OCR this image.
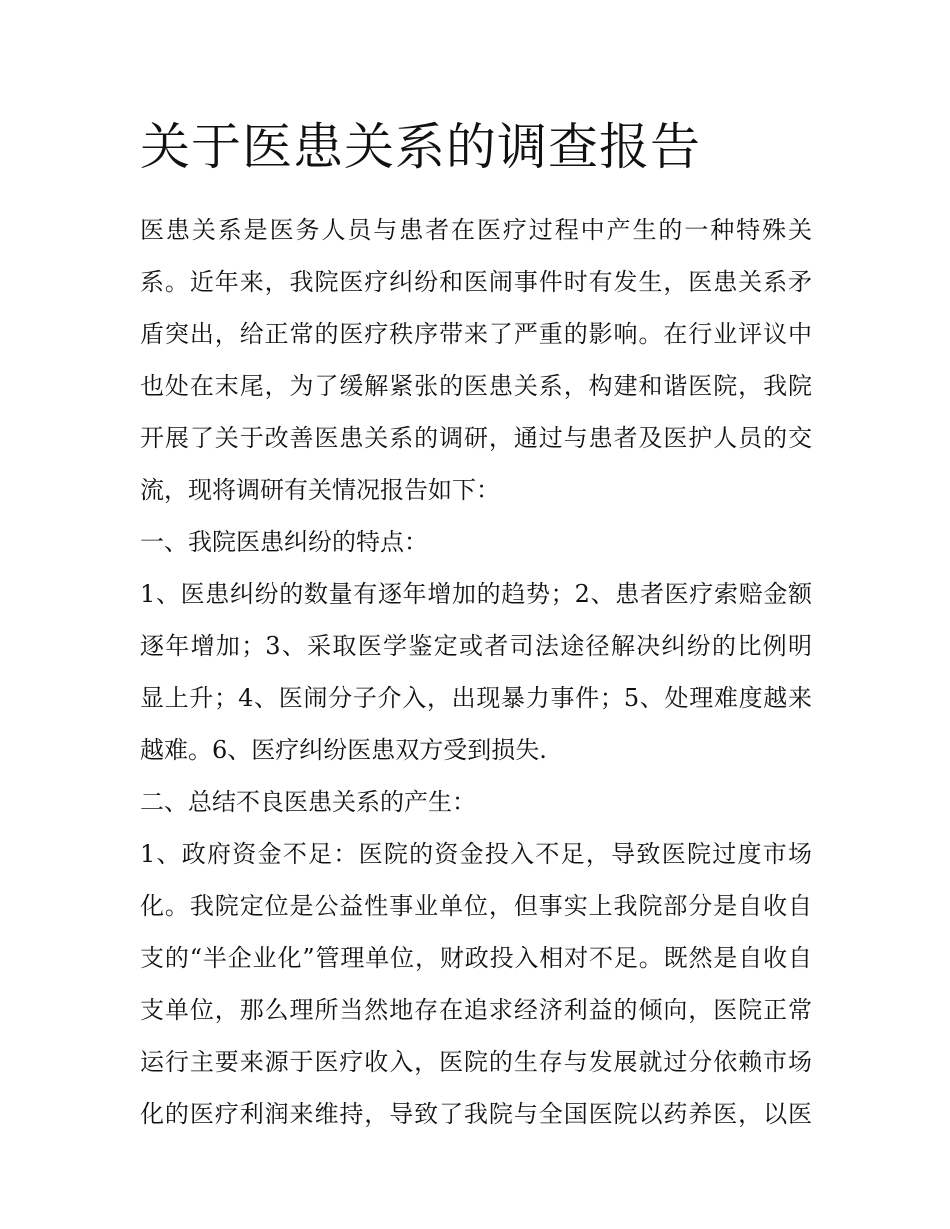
关于医患关系的调查报告
医患关系是医务人员与患者在医疗过程中产生的一种特殊关
系。近年来，我院医疗纠纷和医闹事件时有发生，医患关系矛
盾突出，给正常的医疗秩序带来了严重的影响。在行业评议中
也处在末尾，为了缓解紧张的医患关系，构建和谐医院，我院
开展了关于改善医患关系的调研，通过与患者及医护人员的交
流，现将调研有关情况报告如下：
一、我院医患纠纷的特点：
1、医患纠纷的数量有逐年增加的趋势；2、患者医疗索赔金额
逐年增加；3、采取医学鉴定或者司法途径解决纠纷的比例明
显上升；4、医闹分子介入，出现暴力事件；5、处理难度越来
越难。6、医疗纠纷医患双方受到损失.
二、总结不良医患关系的产生：
1、政府资金不足：医院的资金投入不足，导致医院过度市场
化。我院定位是公益性事业单位，但事实上我院部分是自收自
支的“半企业化”管理单位，财政投入相对不足。既然是自收自
支单位，那么理所当然地存在追求经济利益的倾向，医院正常
运行主要来源于医疗收入，医院的生存与发展就过分依赖市场
化的医疗利润来维持，导致了我院与全国医院以药养医，以医
